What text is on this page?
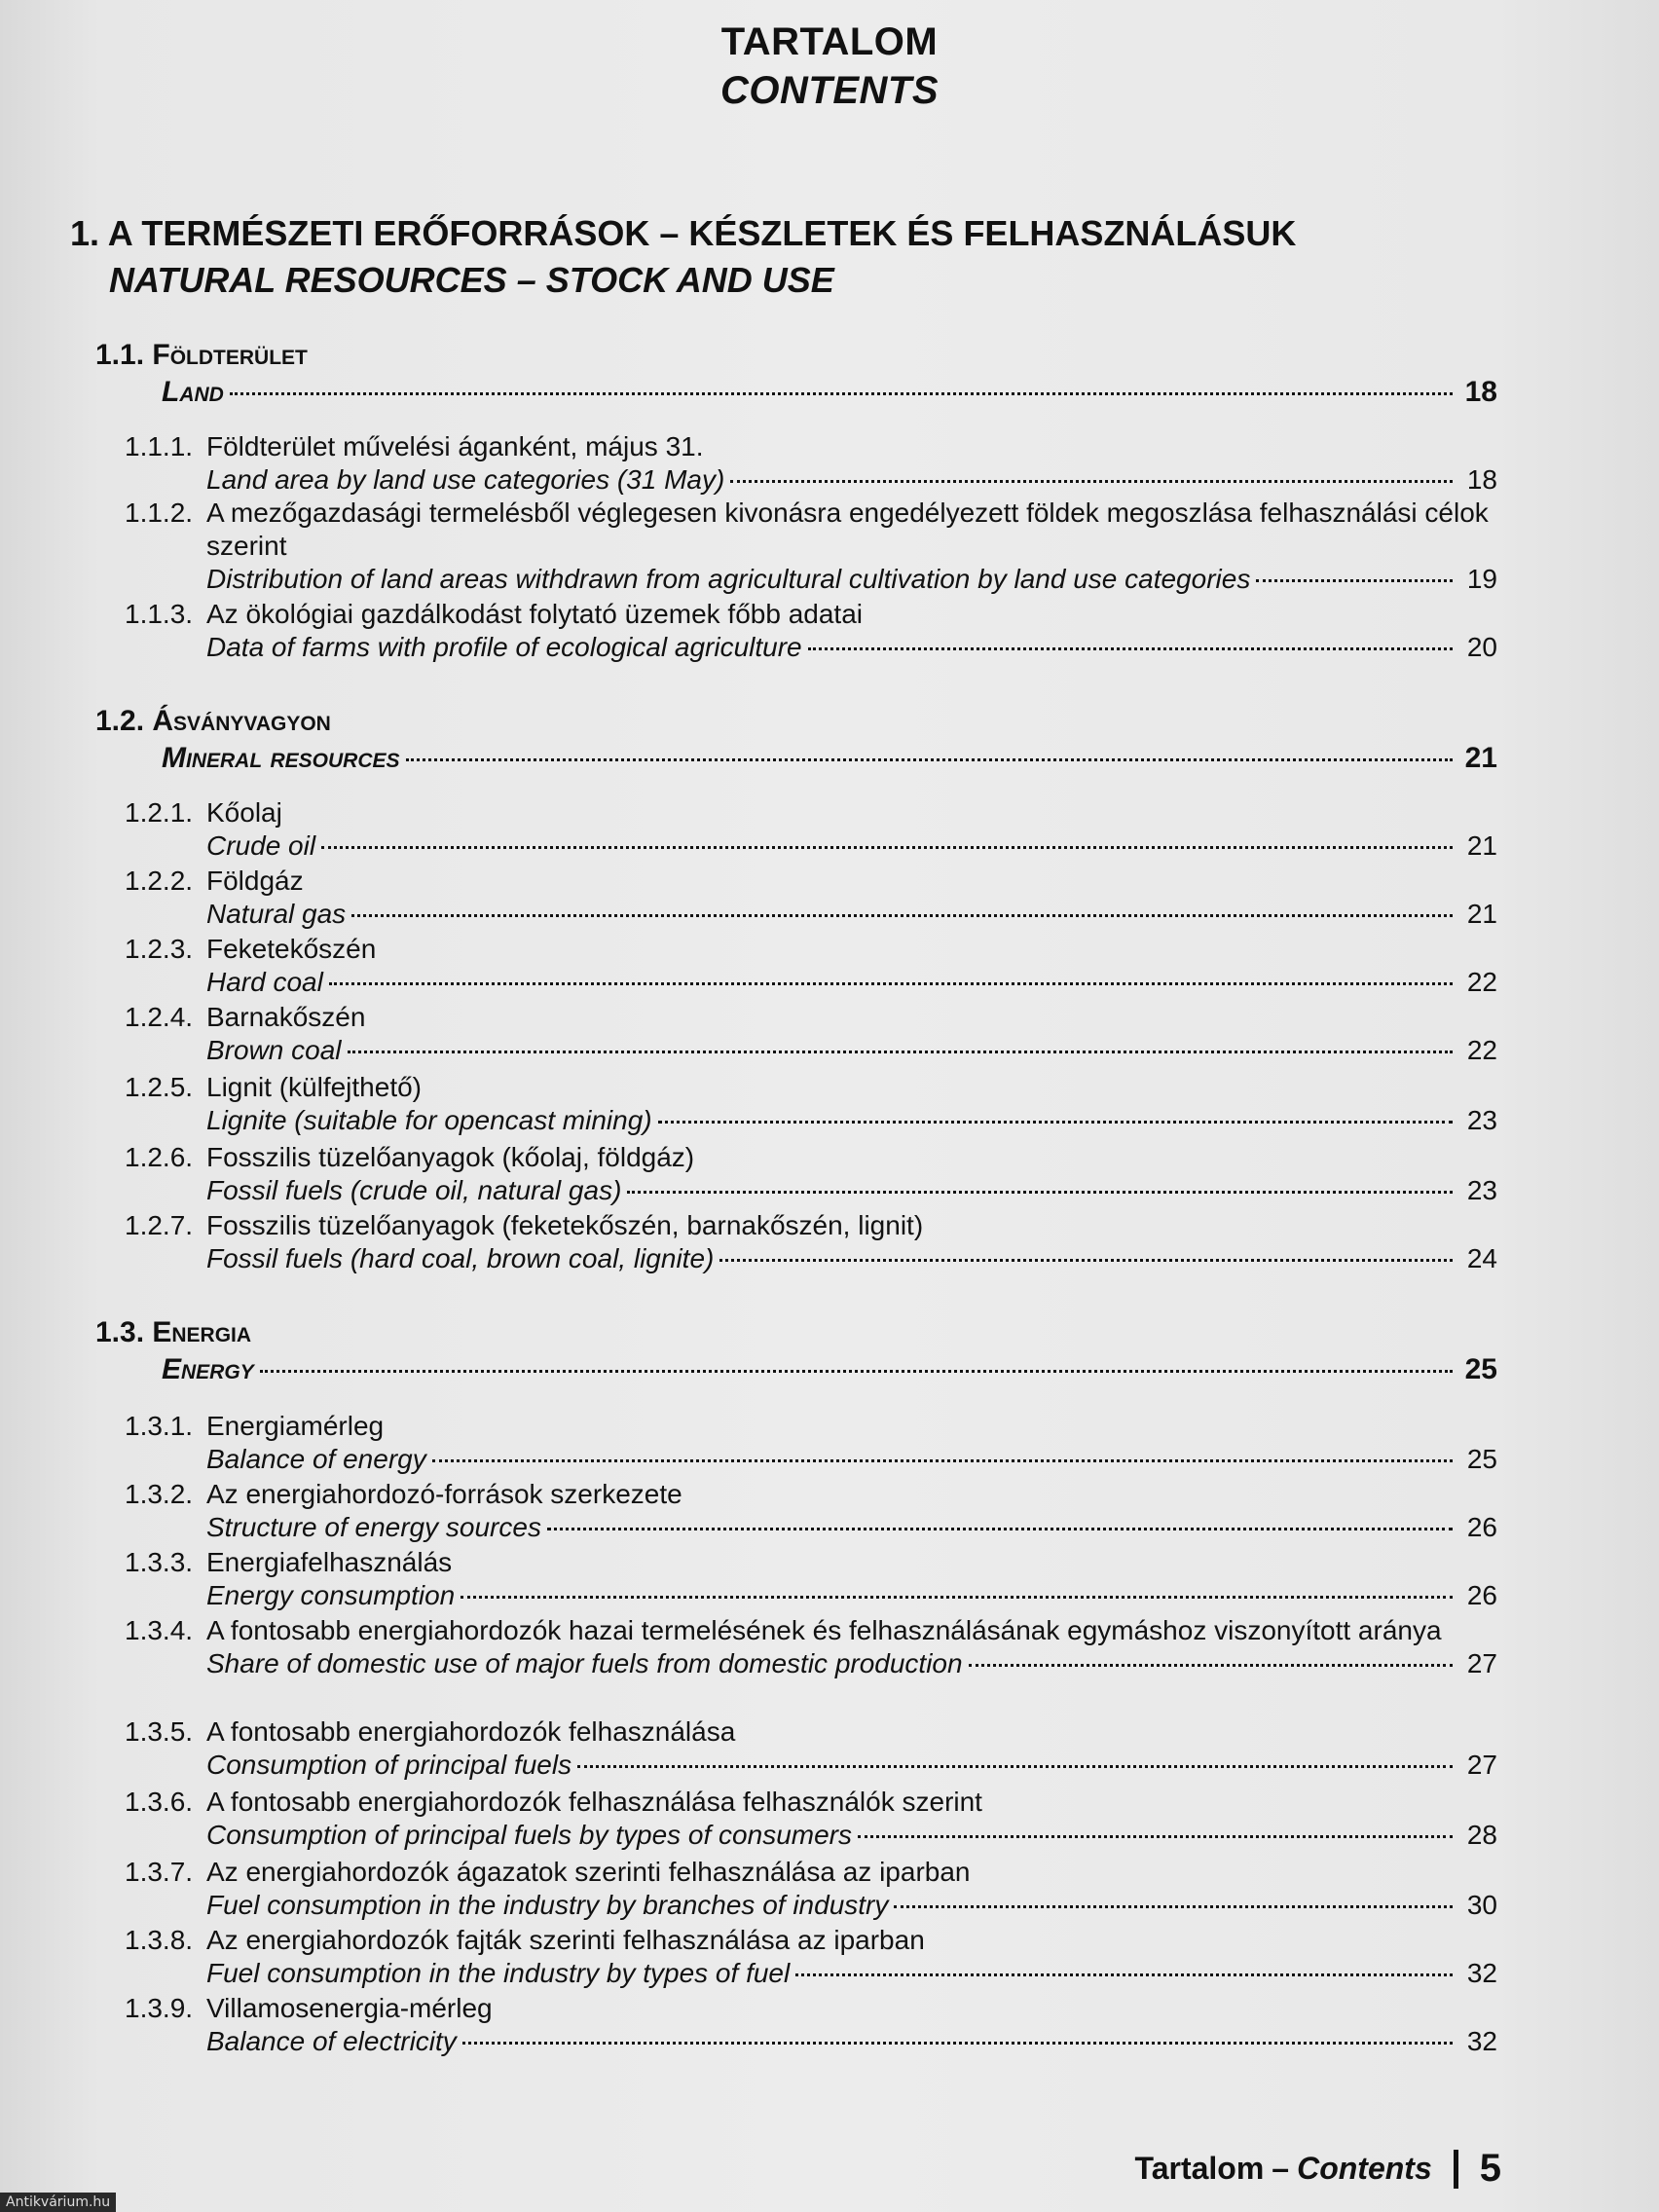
TARTALOM
CONTENTS
1. A TERMÉSZETI ERŐFORRÁSOK – KÉSZLETEK ÉS FELHASZNÁLÁSUK
NATURAL RESOURCES – STOCK AND USE
1.1. Földterület
Land	18
1.1.1. Földterület művelési áganként, május 31.
Land area by land use categories (31 May)	18
1.1.2. A mezőgazdasági termelésből véglegesen kivonásra engedélyezett földek megoszlása felhasználási célok szerint
Distribution of land areas withdrawn from agricultural cultivation by land use categories	19
1.1.3. Az ökológiai gazdálkodást folytató üzemek főbb adatai
Data of farms with profile of ecological agriculture	20
1.2. Ásványvagyon
Mineral resources	21
1.2.1. Kőolaj
Crude oil	21
1.2.2. Földgáz
Natural gas	21
1.2.3. Feketekőszén
Hard coal	22
1.2.4. Barnakőszén
Brown coal	22
1.2.5. Lignit (külfejthető)
Lignite (suitable for opencast mining)	23
1.2.6. Fosszilis tüzelőanyagok (kőolaj, földgáz)
Fossil fuels (crude oil, natural gas)	23
1.2.7. Fosszilis tüzelőanyagok (feketekőszén, barnakőszén, lignit)
Fossil fuels (hard coal, brown coal, lignite)	24
1.3. Energia
Energy	25
1.3.1. Energiamérleg
Balance of energy	25
1.3.2. Az energiahordozó-források szerkezete
Structure of energy sources	26
1.3.3. Energiafelhasználás
Energy consumption	26
1.3.4. A fontosabb energiahordozók hazai termelésének és felhasználásának egymáshoz viszonyított aránya
Share of domestic use of major fuels from domestic production	27
1.3.5. A fontosabb energiahordozók felhasználása
Consumption of principal fuels	27
1.3.6. A fontosabb energiahordozók felhasználása felhasználók szerint
Consumption of principal fuels by types of consumers	28
1.3.7. Az energiahordozók ágazatok szerinti felhasználása az iparban
Fuel consumption in the industry by branches of industry	30
1.3.8. Az energiahordozók fajták szerinti felhasználása az iparban
Fuel consumption in the industry by types of fuel	32
1.3.9. Villamosenergia-mérleg
Balance of electricity	32
Tartalom – Contents 5
Antikvárium.hu
